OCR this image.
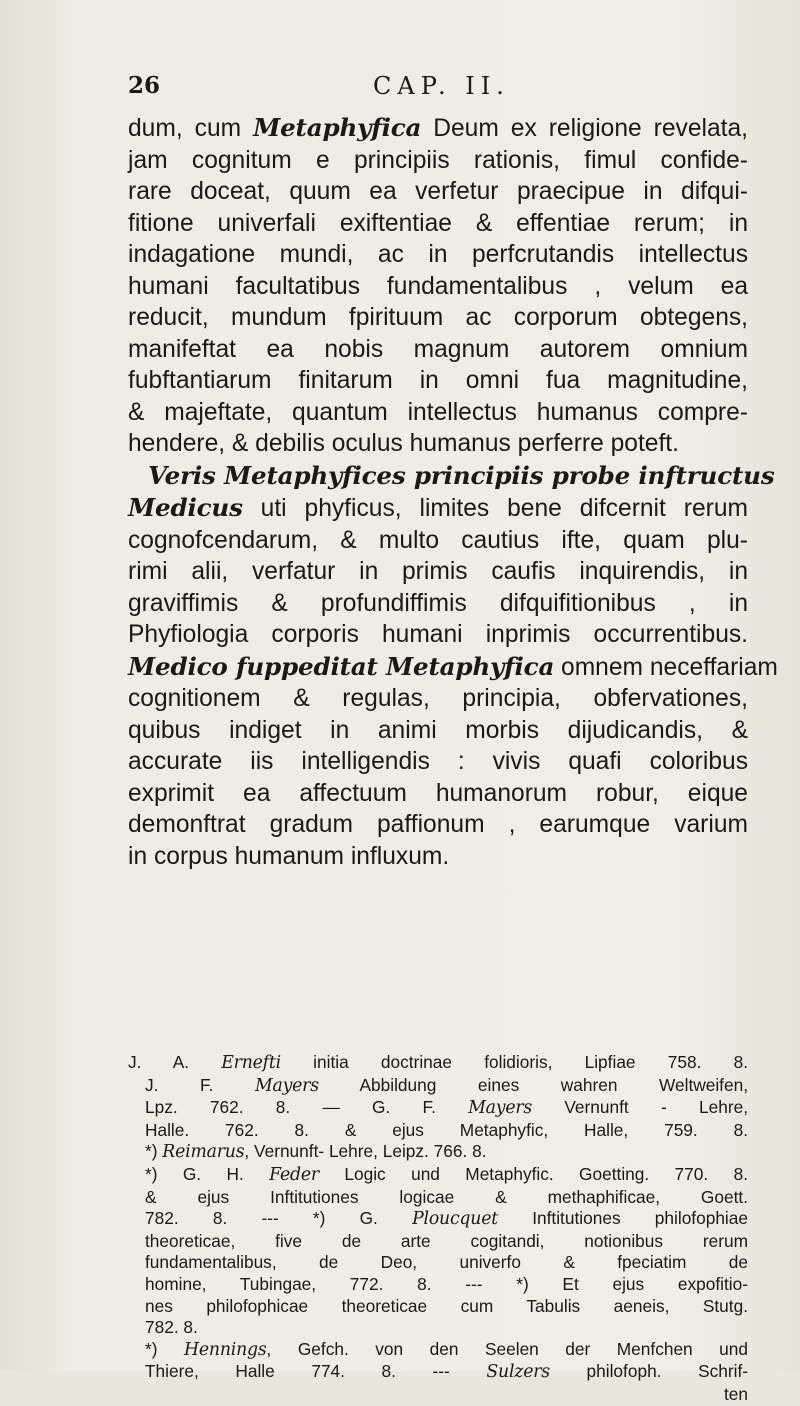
26	CAP. II.

dum, cum Metaphyfica Deum ex religione revelata,

jam cognitum e principiis rationis, fimul confide-

rare doceat, quum ea verfetur praecipue in difqui-

fitione univerfali exiftentiae & effentiae rerum; in

indagatione mundi, ac in perfcrutandis intellectus

humani facultatibus fundamentalibus , velum ea

reducit, mundum fpirituum ac corporum obtegens,

manifeftat ea nobis magnum autorem omnium

fubftantiarum finitarum in omni fua magnitudine,

& majeftate, quantum intellectus humanus compre-

hendere, & debilis oculus humanus perferre poteft.

Veris Metaphyfices principiis probe inftructus

Medicus uti phyficus, limites bene difcernit rerum

cognofcendarum, & multo cautius ifte, quam plu-

rimi alii, verfatur in primis caufis inquirendis, in

graviffimis & profundiffimis difquifitionibus , in

Phyfiologia corporis humani inprimis occurrentibus.

Medico fuppeditat Metaphyfica omnem neceffariam

cognitionem & regulas, principia, obfervationes,

quibus indiget in animi morbis dijudicandis, &

accurate iis intelligendis : vivis quafi coloribus

exprimit ea affectuum humanorum robur, eique

demonftrat gradum paffionum , earumque varium

in corpus humanum influxum.

J. A. Ernefti initia doctrinae folidioris, Lipfiae 758. 8.

J. F. Mayers Abbildung eines wahren Weltweifen,

Lpz. 762. 8. — G. F. Mayers Vernunft - Lehre,

Halle. 762. 8. & ejus Metaphyfic, Halle, 759. 8.

*) Reimarus, Vernunft- Lehre, Leipz. 766. 8.

*) G. H. Feder Logic und Metaphyfic. Goetting. 770. 8.

& ejus Inftitutiones logicae & methaphificae, Goett.

782. 8. --- *) G. Ploucquet Inftitutiones philofophiae

theoreticae, five de arte cogitandi, notionibus rerum

fundamentalibus, de Deo, univerfo & fpeciatim de

homine, Tubingae, 772. 8. --- *) Et ejus expofitio-

nes philofophicae theoreticae cum Tabulis aeneis, Stutg.

782. 8.

*) Hennings, Gefch. von den Seelen der Menfchen und

Thiere, Halle 774. 8. --- Sulzers philofoph. Schrif-

ten
